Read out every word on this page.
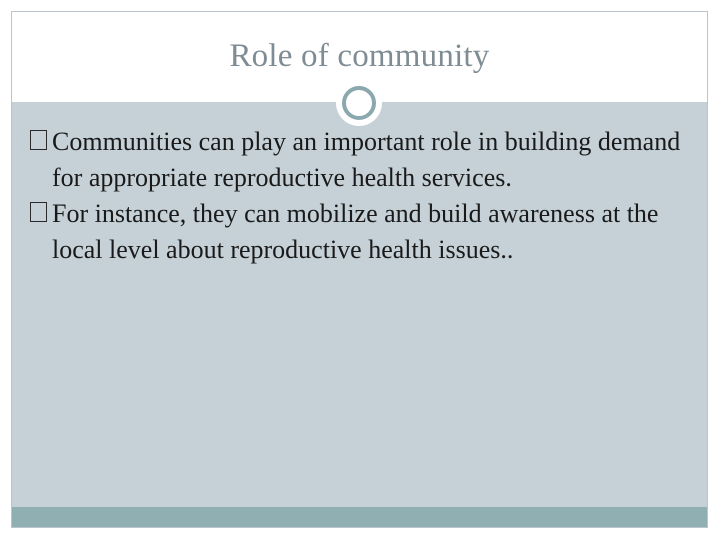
Role of community
Communities can play an important role in building demand for appropriate reproductive health services.
For instance, they can mobilize and build awareness at the local level about reproductive health issues..
